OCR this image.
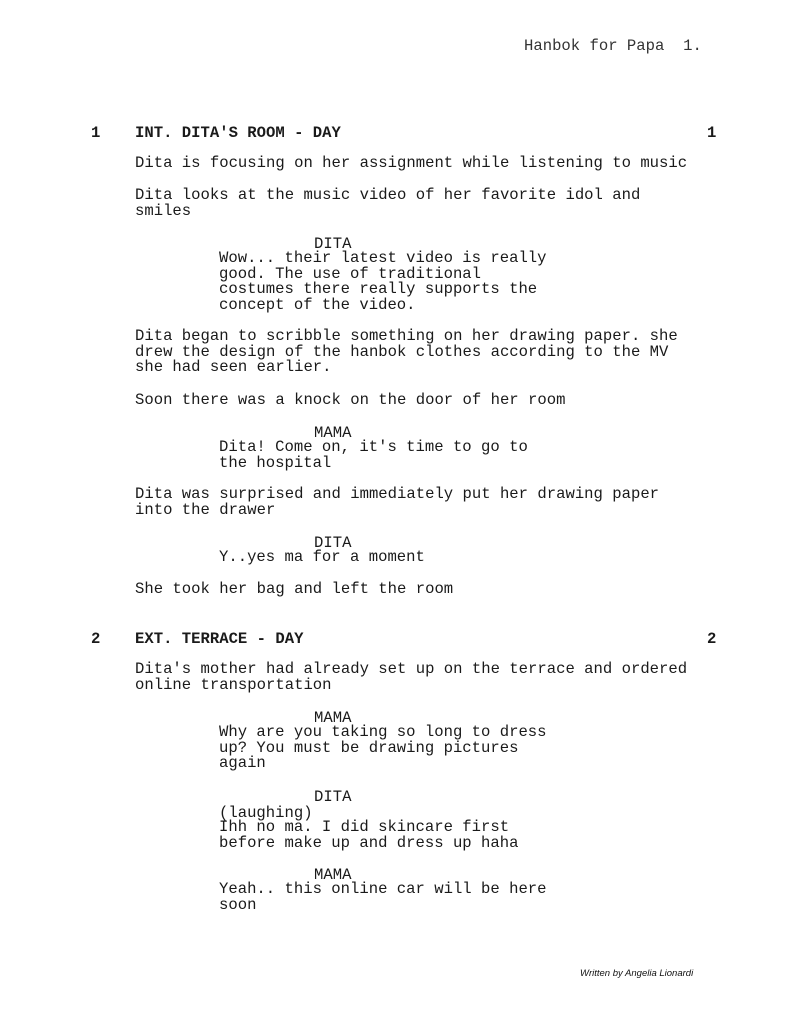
Hanbok for Papa 1.
1 INT. DITA'S ROOM - DAY	1
Dita is focusing on her assignment while listening to music
Dita looks at the music video of her favorite idol and
smiles
DITA
Wow... their latest video is really
good. The use of traditional
costumes there really supports the
concept of the video.
Dita began to scribble something on her drawing paper. she
drew the design of the hanbok clothes according to the MV
she had seen earlier.
Soon there was a knock on the door of her room
MAMA
Dita! Come on, it's time to go to
the hospital
Dita was surprised and immediately put her drawing paper
into the drawer
DITA
Y..yes ma for a moment
She took her bag and left the room
2 EXT. TERRACE - DAY	2
Dita's mother had already set up on the terrace and ordered
online transportation
MAMA
Why are you taking so long to dress
up? You must be drawing pictures
again
DITA
(laughing)
Ihh no ma. I did skincare first
before make up and dress up haha
MAMA
Yeah.. this online car will be here
soon
Written by Angelia Lionardi
